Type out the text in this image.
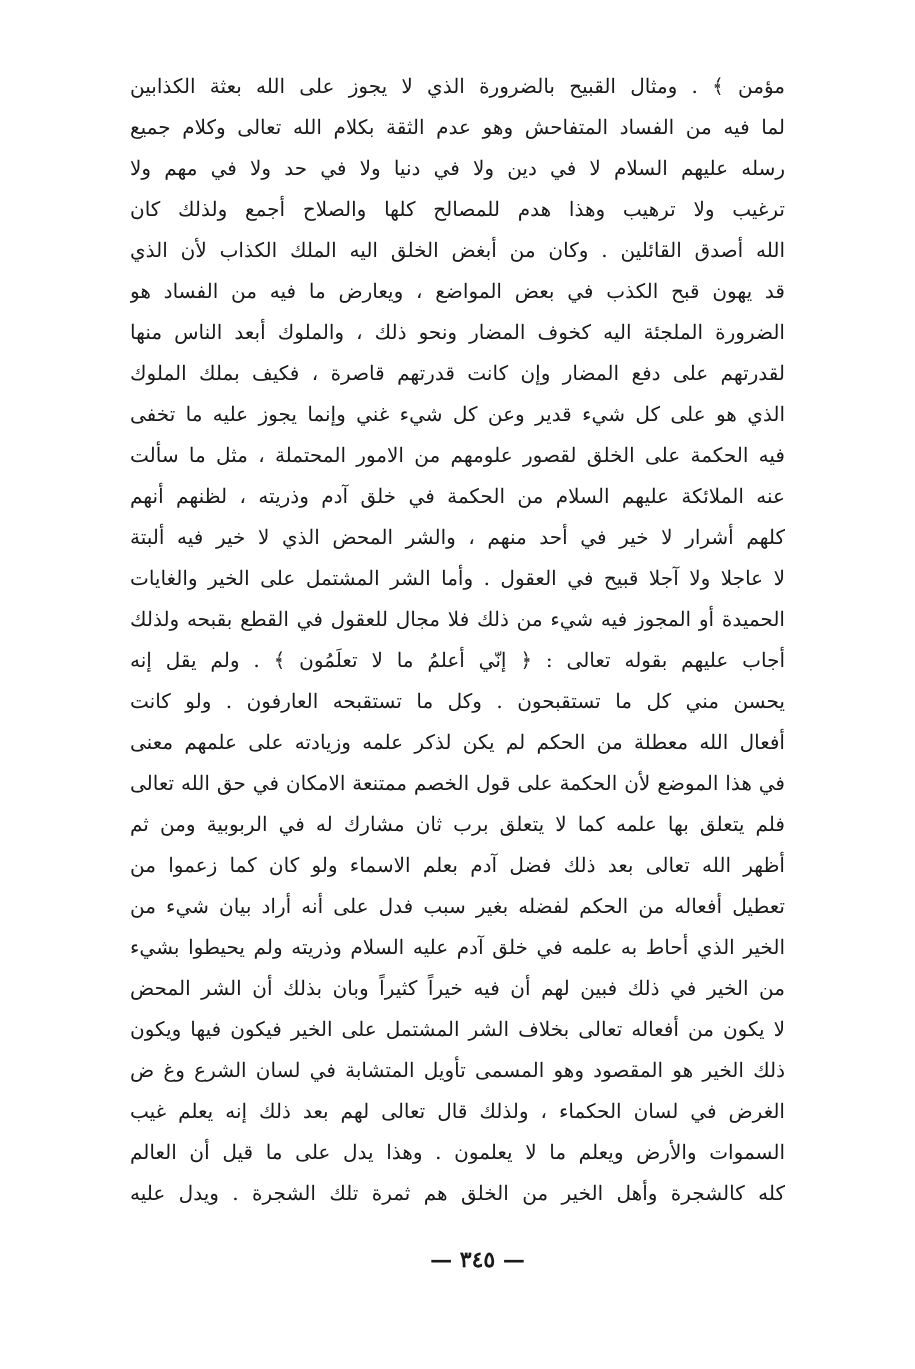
مؤمن ﴾ . ومثال القبيح بالضرورة الذي لا يجوز على الله بعثة الكذابين
لما فيه من الفساد المتفاحش وهو عدم الثقة بكلام الله تعالى وكلام جميع
رسله عليهم السلام لا في دين ولا في دنيا ولا في حد ولا في مهم ولا
ترغيب ولا ترهيب وهذا هدم للمصالح كلها والصلاح أجمع ولذلك كان
الله أصدق القائلين . وكان من أبغض الخلق اليه الملك الكذاب لأن الذي
قد يهون قبح الكذب في بعض المواضع ، ويعارض ما فيه من الفساد هو
الضرورة الملجئة اليه كخوف المضار ونحو ذلك ، والملوك أبعد الناس منها
لقدرتهم على دفع المضار وإن كانت قدرتهم قاصرة ، فكيف بملك الملوك
الذي هو على كل شيء قدير وعن كل شيء غني وإنما يجوز عليه ما تخفى
فيه الحكمة على الخلق لقصور علومهم من الامور المحتملة ، مثل ما سألت
عنه الملائكة عليهم السلام من الحكمة في خلق آدم وذريته ، لظنهم أنهم
كلهم أشرار لا خير في أحد منهم ، والشر المحض الذي لا خير فيه ألبتة
لا عاجلا ولا آجلا قبيح في العقول . وأما الشر المشتمل على الخير والغايات
الحميدة أو المجوز فيه شيء من ذلك فلا مجال للعقول في القطع بقبحه ولذلك
أجاب عليهم بقوله تعالى : ﴿ إنّي أعلمُ ما لا تعلَمُون ﴾ . ولم يقل إنه
يحسن مني كل ما تستقبحون . وكل ما تستقبحه العارفون . ولو كانت
أفعال الله معطلة من الحكم لم يكن لذكر علمه وزيادته على علمهم معنى
في هذا الموضع لأن الحكمة على قول الخصم ممتنعة الامكان في حق الله تعالى
فلم يتعلق بها علمه كما لا يتعلق برب ثان مشارك له في الربوبية ومن ثم
أظهر الله تعالى بعد ذلك فضل آدم بعلم الاسماء ولو كان كما زعموا من
تعطيل أفعاله من الحكم لفضله بغير سبب فدل على أنه أراد بيان شيء من
الخير الذي أحاط به علمه في خلق آدم عليه السلام وذريته ولم يحيطوا بشيء
من الخير في ذلك فبين لهم أن فيه خيراً كثيراً وبان بذلك أن الشر المحض
لا يكون من أفعاله تعالى بخلاف الشر المشتمل على الخير فيكون فيها ويكون
ذلك الخير هو المقصود وهو المسمى تأويل المتشابة في لسان الشرع وغ ض
الغرض في لسان الحكماء ، ولذلك قال تعالى لهم بعد ذلك إنه يعلم غيب
السموات والأرض ويعلم ما لا يعلمون . وهذا يدل على ما قيل أن العالم
كله كالشجرة وأهل الخير من الخلق هم ثمرة تلك الشجرة . ويدل عليه
— ٣٤٥ —
